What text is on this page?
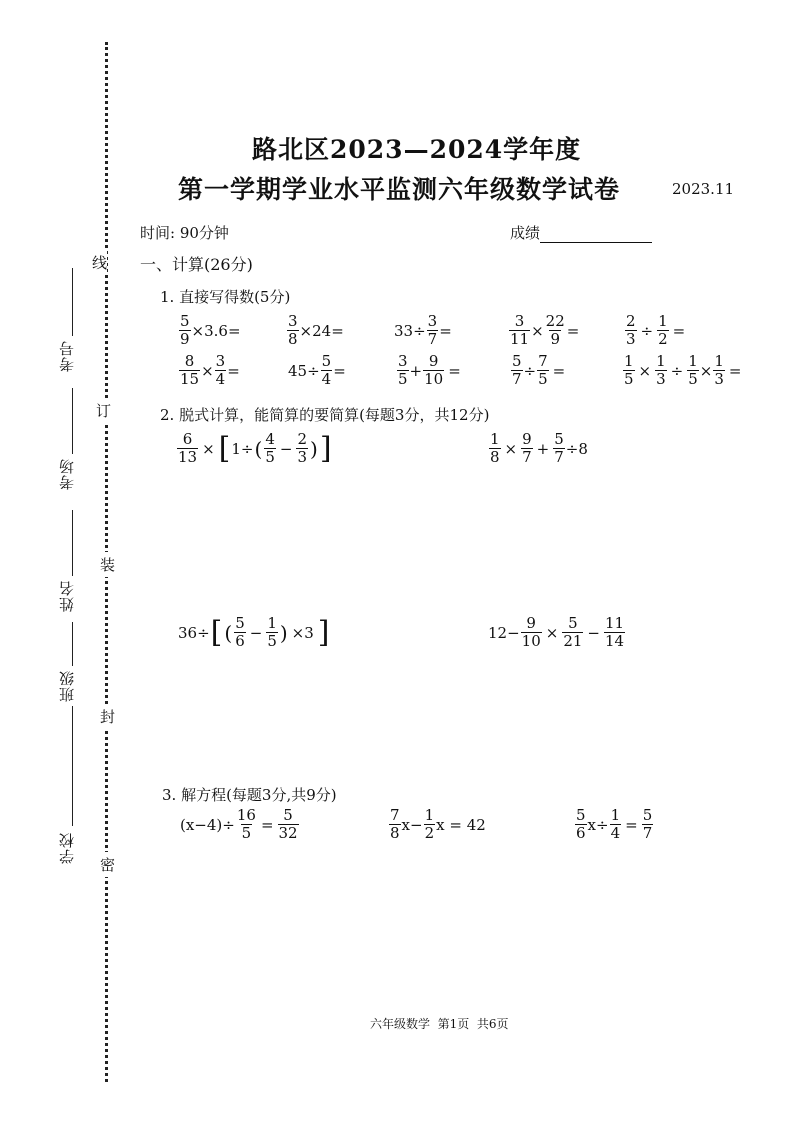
线
订
装
封
密
考号
考场
姓名
班级
学校
路北区2023—2024学年度
第一学期学业水平监测六年级数学试卷	2023.11
时间: 90分钟	成绩
一、计算(26分)
1. 直接写得数(5分)
$\frac{5}{9} \times 3.6=$	$\frac{3}{8} \times 24=$	$33\div \frac{3}{7}$ =	$\frac{3}{11} \times \frac{22}{9}$ =	$\frac{2}{3} \div \frac{1}{2}$ =
$\frac{8}{15} \times \frac{3}{4}$ =	$45\div \frac{5}{4}$ =	$\frac{3}{5} + \frac{9}{10}$ =	$\frac{5}{7} \div \frac{7}{5}$ =	$\frac{1}{5} \times \frac{1}{3} \div \frac{1}{5} \times \frac{1}{3}$ =
2. 脱式计算，能简算的要简算(每题3分，共12分)
$\frac{6}{13}$ × [ 1÷ ( $\frac{4}{5} - \frac{2}{3}$ ) ]	$\frac{1}{8} \times \frac{9}{7} + \frac{5}{7} \div 8$
36÷ [ ( $\frac{5}{6} - \frac{1}{5}$ ) ×3 ]	$12- \frac{9}{10} \times \frac{5}{21} - \frac{11}{14}$
3. 解方程(每题3分,共9分)
$(x-4)\div \frac{16}{5} = \frac{5}{32}$	$\frac{7}{8} x- \frac{1}{2}$ x = 42	$\frac{5}{6} x\div \frac{1}{4} = \frac{5}{7}$
六年级数学  第1页  共6页
